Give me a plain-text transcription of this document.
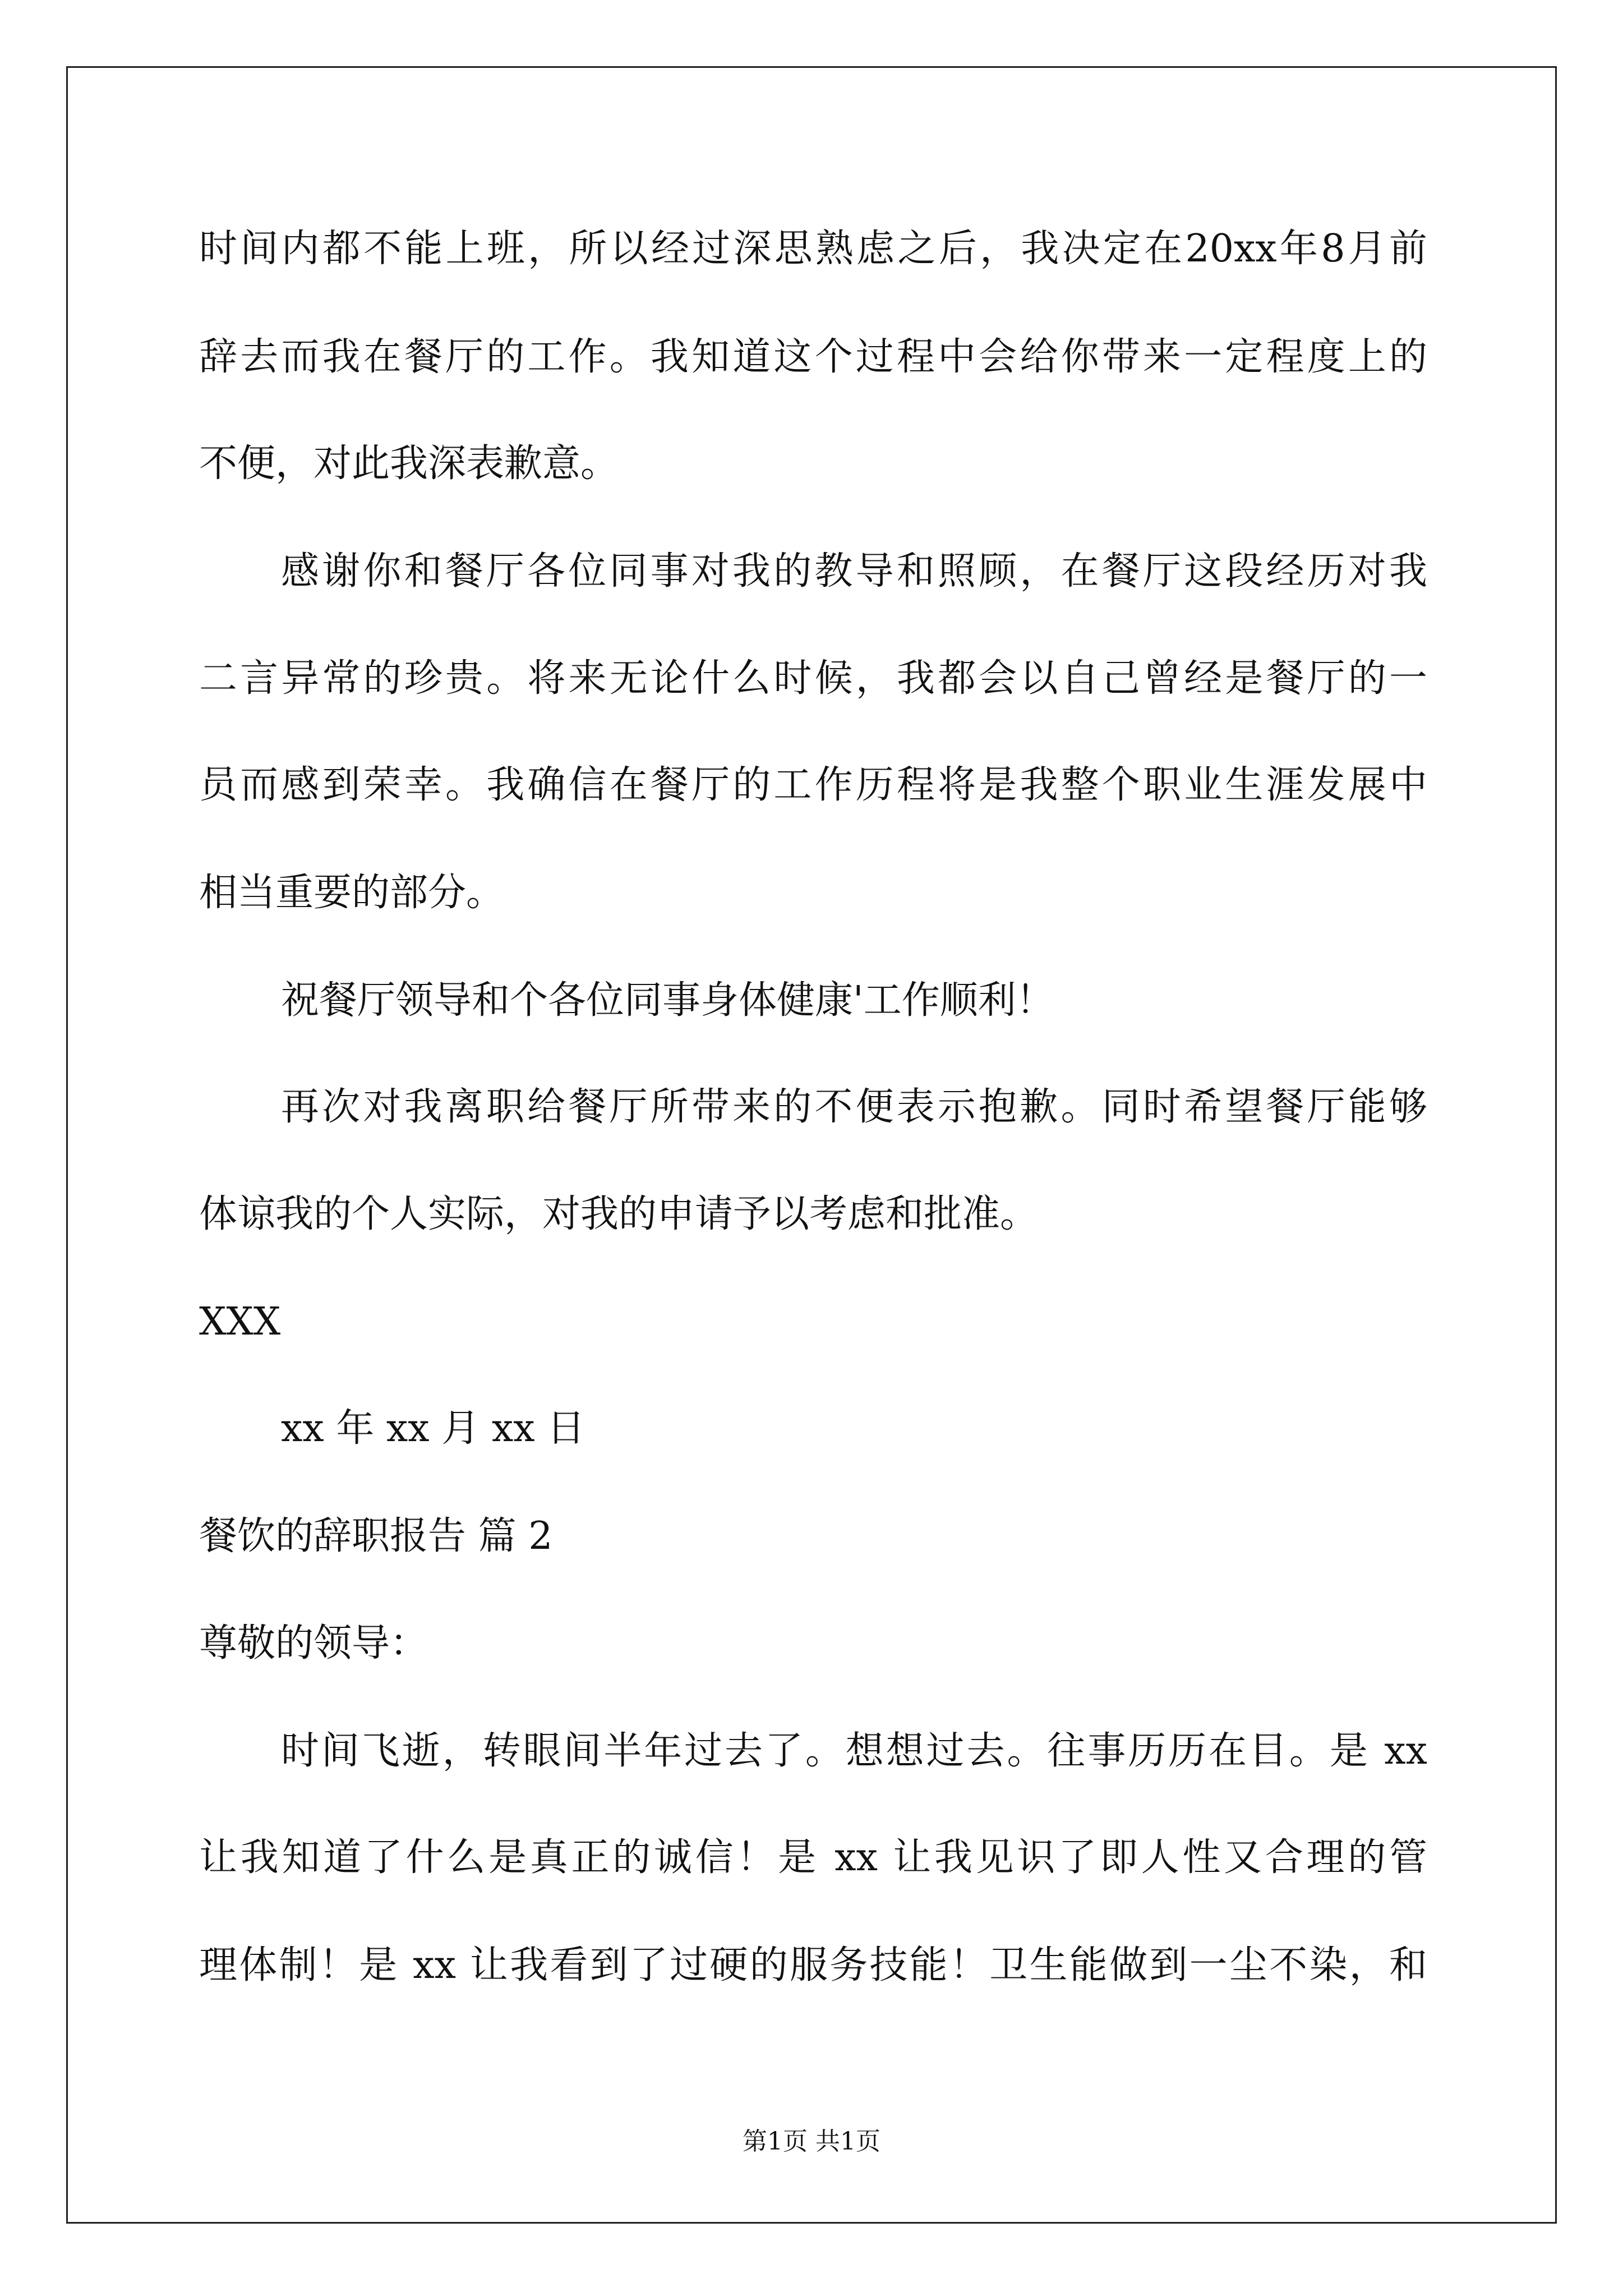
时间内都不能上班，所以经过深思熟虑之后，我决定在20xx年8月前
辞去而我在餐厅的工作。我知道这个过程中会给你带来一定程度上的
不便，对此我深表歉意。
感谢你和餐厅各位同事对我的教导和照顾，在餐厅这段经历对我
二言异常的珍贵。将来无论什么时候，我都会以自己曾经是餐厅的一
员而感到荣幸。我确信在餐厅的工作历程将是我整个职业生涯发展中
相当重要的部分。
祝餐厅领导和个各位同事身体健康'工作顺利！
再次对我离职给餐厅所带来的不便表示抱歉。同时希望餐厅能够
体谅我的个人实际，对我的申请予以考虑和批准。
XXX
xx 年 xx 月 xx 日
餐饮的辞职报告 篇 2
尊敬的领导：
时间飞逝，转眼间半年过去了。想想过去。往事历历在目。是 xx
让我知道了什么是真正的诚信！是 xx 让我见识了即人性又合理的管
理体制！是 xx 让我看到了过硬的服务技能！卫生能做到一尘不染，和
第1页 共1页
